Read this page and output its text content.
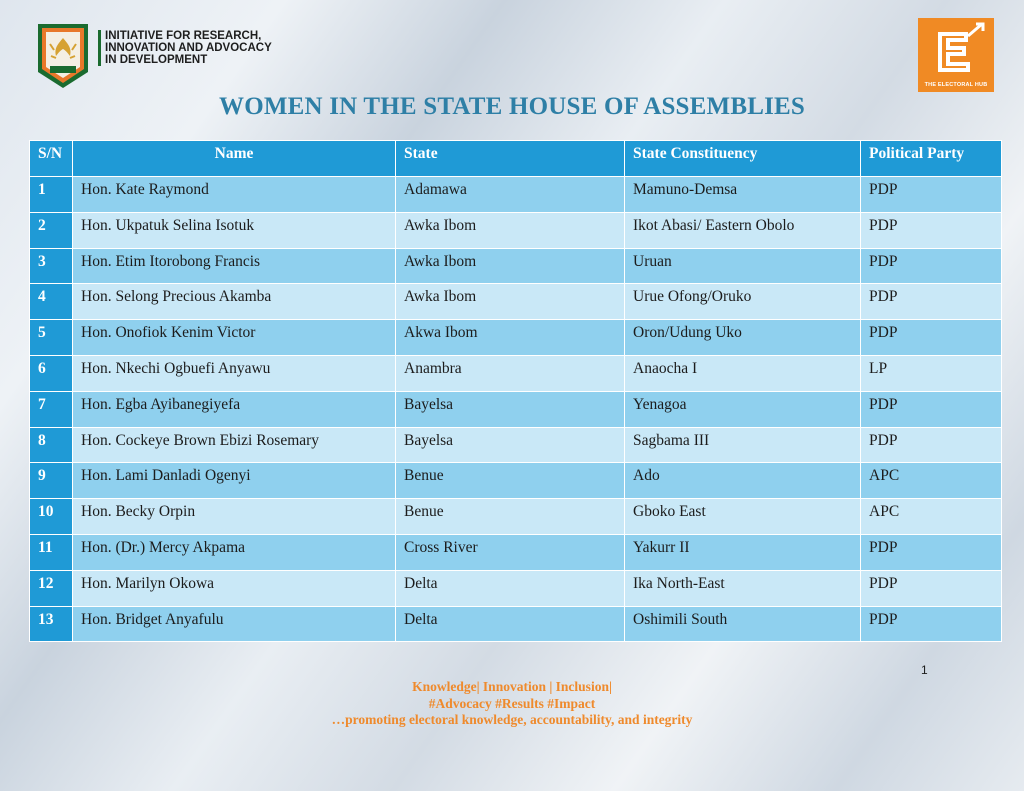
INITIATIVE FOR RESEARCH,
INNOVATION AND ADVOCACY
IN DEVELOPMENT
THE ELECTORAL HUB
WOMEN IN THE STATE HOUSE OF ASSEMBLIES
S/N	Name	State	State Constituency	Political Party
1	Hon. Kate Raymond	Adamawa	Mamuno-Demsa	PDP
2	Hon. Ukpatuk Selina Isotuk	Awka Ibom	Ikot Abasi/ Eastern Obolo	PDP
3	Hon. Etim Itorobong Francis	Awka Ibom	Uruan	PDP
4	Hon. Selong Precious Akamba	Awka Ibom	Urue Ofong/Oruko	PDP
5	Hon. Onofiok Kenim Victor	Akwa Ibom	Oron/Udung Uko	PDP
6	Hon. Nkechi Ogbuefi Anyawu	Anambra	Anaocha I	LP
7	Hon. Egba Ayibanegiyefa	Bayelsa	Yenagoa	PDP
8	Hon. Cockeye Brown Ebizi Rosemary	Bayelsa	Sagbama III	PDP
9	Hon. Lami Danladi Ogenyi	Benue	Ado	APC
10	Hon. Becky Orpin	Benue	Gboko East	APC
11	Hon. (Dr.) Mercy Akpama	Cross River	Yakurr II	PDP
12	Hon. Marilyn Okowa	Delta	Ika North-East	PDP
13	Hon. Bridget Anyafulu	Delta	Oshimili South	PDP
1
Knowledge| Innovation | Inclusion|
#Advocacy #Results #Impact
…promoting electoral knowledge, accountability, and integrity
